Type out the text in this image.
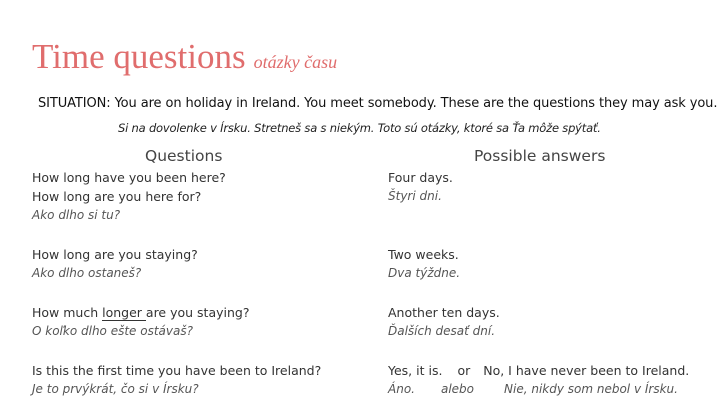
Time questions otázky času
SITUATION: You are on holiday in Ireland. You meet somebody. These are the questions they may ask you.
Si na dovolenke v Írsku. Stretneš sa s niekým. Toto sú otázky, ktoré sa Ťa môže spýtať.
Questions	Possible answers
How long have you been here?
How long are you here for?
Ako dlho si tu?
Four days.
Štyri dni.
How long are you staying?
Ako dlho ostaneš?
Two weeks.
Dva týždne.
How much longer are you staying?
O koľko dlho ešte ostávaš?
Another ten days.
Ďalších desať dní.
Is this the first time you have been to Ireland?
Je to prvýkrát, čo si v Írsku?
Yes, it is. or No, I have never been to Ireland.
Áno. alebo	Nie, nikdy som nebol v Írsku.
